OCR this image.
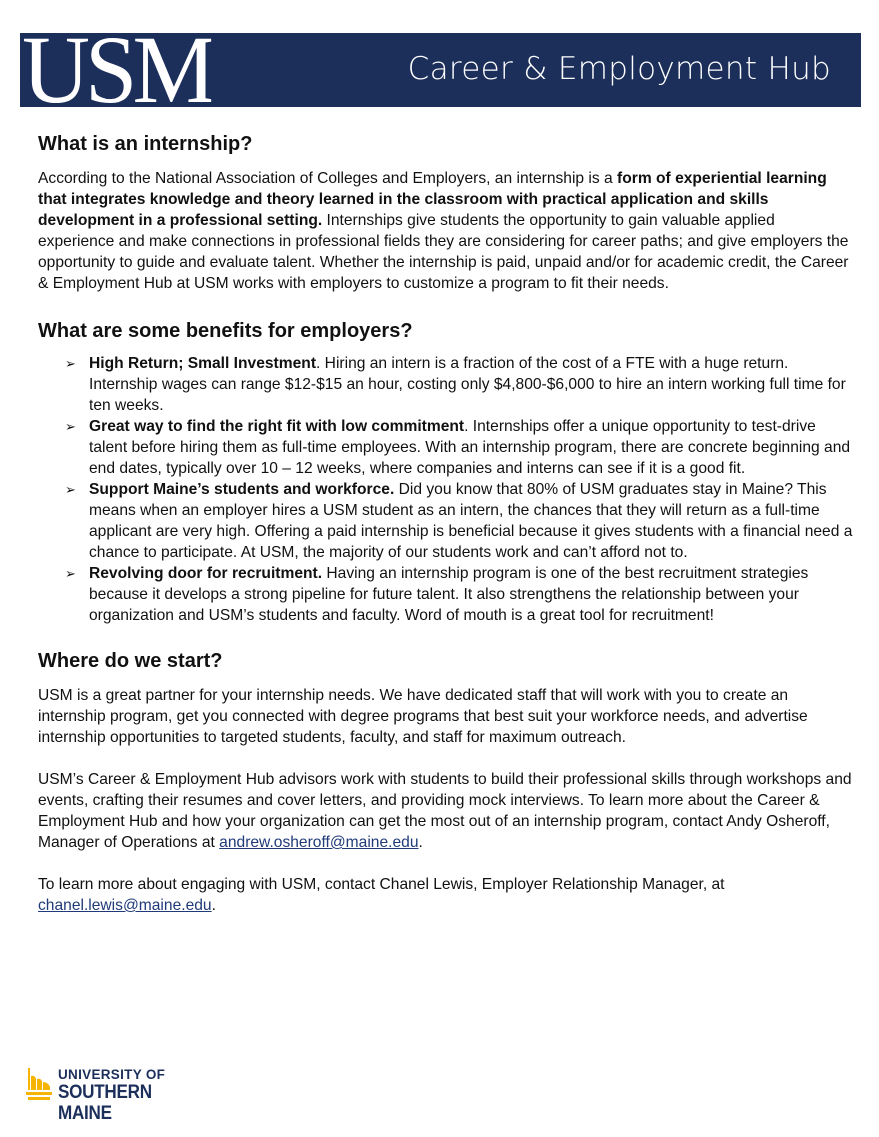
USM	Career & Employment Hub
What is an internship?

According to the National Association of Colleges and Employers, an internship is a form of experiential learning that integrates knowledge and theory learned in the classroom with practical application and skills development in a professional setting. Internships give students the opportunity to gain valuable applied experience and make connections in professional fields they are considering for career paths; and give employers the opportunity to guide and evaluate talent. Whether the internship is paid, unpaid and/or for academic credit, the Career & Employment Hub at USM works with employers to customize a program to fit their needs.

What are some benefits for employers?
➢ High Return; Small Investment. Hiring an intern is a fraction of the cost of a FTE with a huge return. Internship wages can range $12-$15 an hour, costing only $4,800-$6,000 to hire an intern working full time for ten weeks.
➢ Great way to find the right fit with low commitment. Internships offer a unique opportunity to test-drive talent before hiring them as full-time employees. With an internship program, there are concrete beginning and end dates, typically over 10 – 12 weeks, where companies and interns can see if it is a good fit.
➢ Support Maine’s students and workforce. Did you know that 80% of USM graduates stay in Maine? This means when an employer hires a USM student as an intern, the chances that they will return as a full-time applicant are very high. Offering a paid internship is beneficial because it gives students with a financial need a chance to participate. At USM, the majority of our students work and can’t afford not to.
➢ Revolving door for recruitment. Having an internship program is one of the best recruitment strategies because it develops a strong pipeline for future talent. It also strengthens the relationship between your organization and USM’s students and faculty. Word of mouth is a great tool for recruitment!
Where do we start?

USM is a great partner for your internship needs. We have dedicated staff that will work with you to create an internship program, get you connected with degree programs that best suit your workforce needs, and advertise internship opportunities to targeted students, faculty, and staff for maximum outreach.

USM’s Career & Employment Hub advisors work with students to build their professional skills through workshops and events, crafting their resumes and cover letters, and providing mock interviews. To learn more about the Career & Employment Hub and how your organization can get the most out of an internship program, contact Andy Osheroff, Manager of Operations at andrew.osheroff@maine.edu.

To learn more about engaging with USM, contact Chanel Lewis, Employer Relationship Manager, at chanel.lewis@maine.edu.

UNIVERSITY OF
SOUTHERN MAINE
